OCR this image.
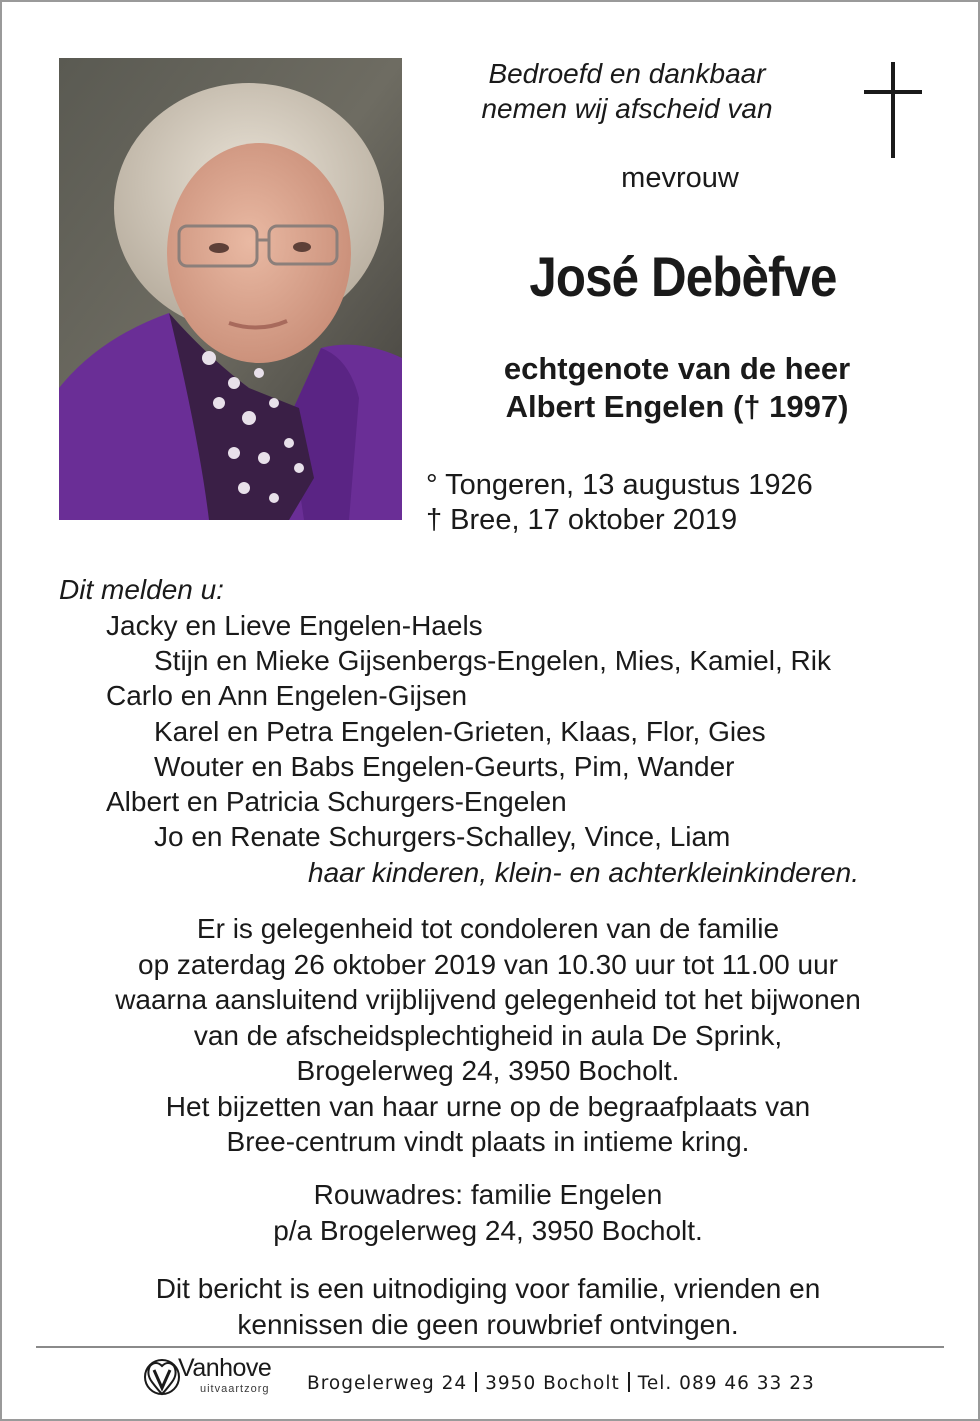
Bedroefd en dankbaar
nemen wij afscheid van
mevrouw
José Debèfve
echtgenote van de heer
Albert Engelen († 1997)
° Tongeren, 13 augustus 1926
† Bree, 17 oktober 2019
Dit melden u:
Jacky en Lieve Engelen-Haels
Stijn en Mieke Gijsenbergs-Engelen, Mies, Kamiel, Rik
Carlo en Ann Engelen-Gijsen
Karel en Petra Engelen-Grieten, Klaas, Flor, Gies
Wouter en Babs Engelen-Geurts, Pim, Wander
Albert en Patricia Schurgers-Engelen
Jo en Renate Schurgers-Schalley, Vince, Liam
haar kinderen, klein- en achterkleinkinderen.
Er is gelegenheid tot condoleren van de familie
op zaterdag 26 oktober 2019 van 10.30 uur tot 11.00 uur
waarna aansluitend vrijblijvend gelegenheid tot het bijwonen
van de afscheidsplechtigheid in aula De Sprink,
Brogelerweg 24, 3950 Bocholt.
Het bijzetten van haar urne op de begraafplaats van
Bree-centrum vindt plaats in intieme kring.
Rouwadres: familie Engelen
p/a Brogelerweg 24, 3950 Bocholt.
Dit bericht is een uitnodiging voor familie, vrienden en
kennissen die geen rouwbrief ontvingen.
Vanhove
uitvaartzorg Brogelerweg 24 3950 Bocholt Tel. 089 46 33 23
